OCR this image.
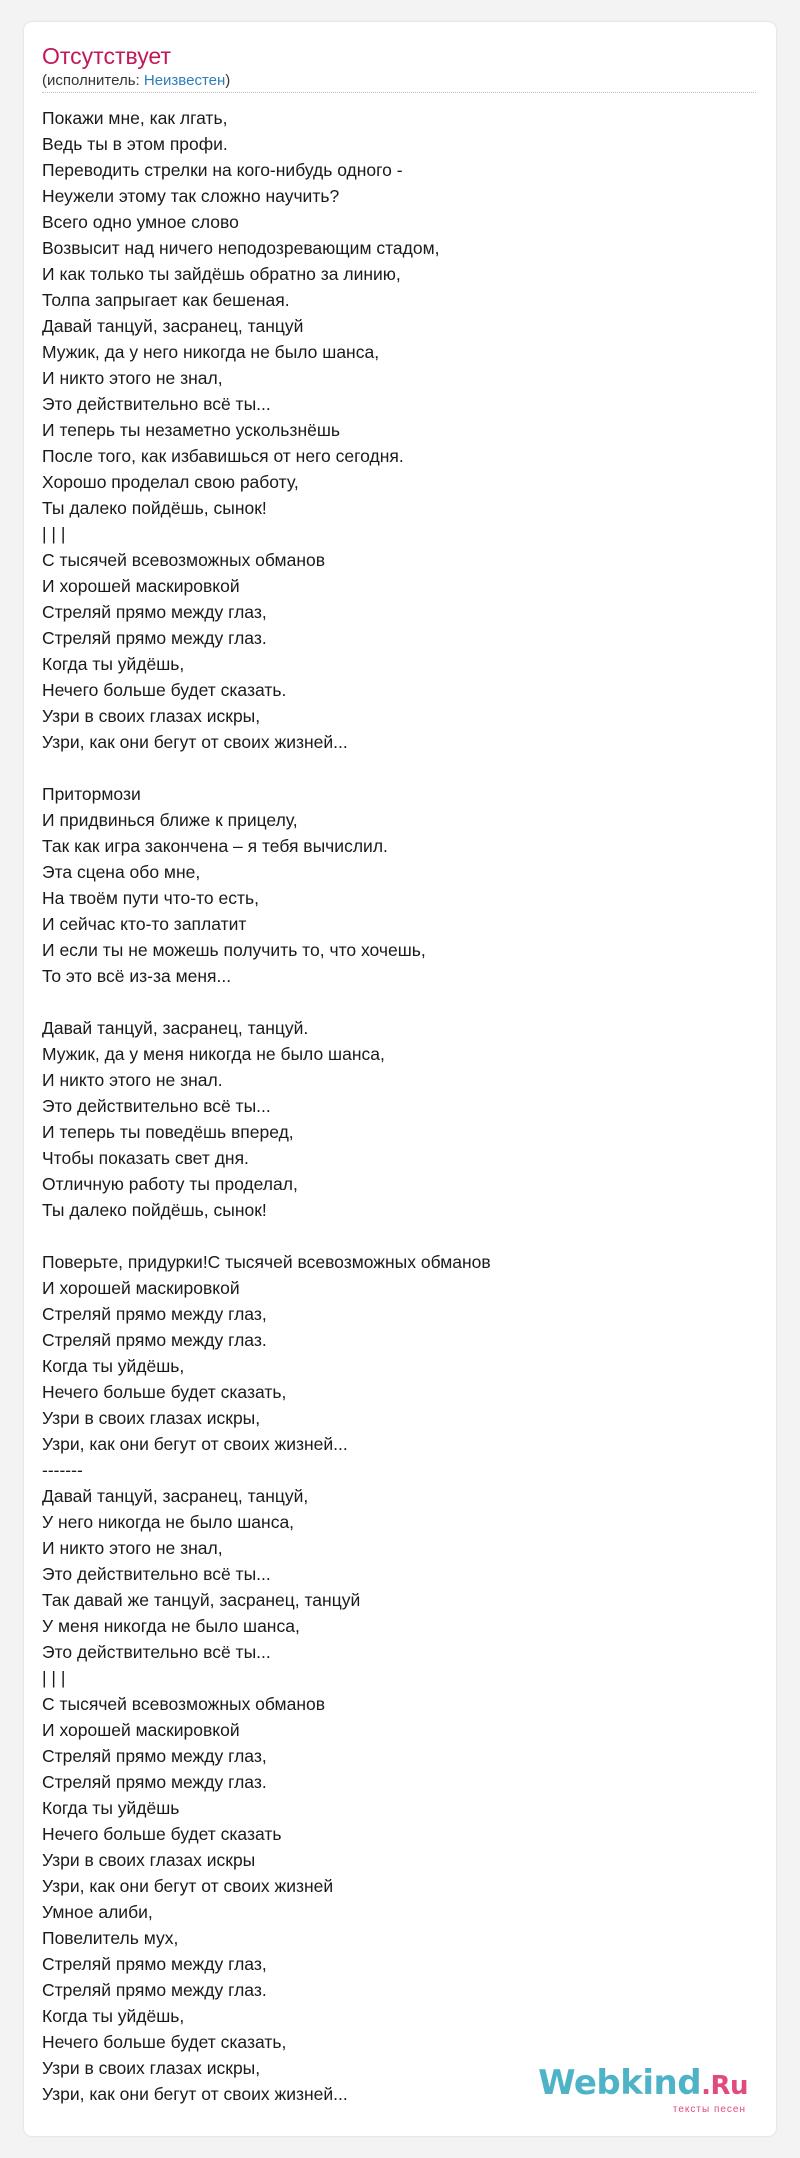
Отсутствует
(исполнитель: Неизвестен)
Покажи мне, как лгать,
Ведь ты в этом профи.
Переводить стрелки на кого-нибудь одного -
Неужели этому так сложно научить?
Всего одно умное слово
Возвысит над ничего неподозревающим стадом,
И как только ты зайдёшь обратно за линию,
Толпа запрыгает как бешеная.
Давай танцуй, засранец, танцуй
Мужик, да у него никогда не было шанса,
И никто этого не знал,
Это действительно всё ты...
И теперь ты незаметно ускользнёшь
После того, как избавишься от него сегодня.
Хорошо проделал свою работу,
Ты далеко пойдёшь, сынок!
| | |
С тысячей всевозможных обманов
И хорошей маскировкой
Стреляй прямо между глаз,
Стреляй прямо между глаз.
Когда ты уйдёшь,
Нечего больше будет сказать.
Узри в своих глазах искры,
Узри, как они бегут от своих жизней...
Притормози
И придвинься ближе к прицелу,
Так как игра закончена – я тебя вычислил.
Эта сцена обо мне,
На твоём пути что-то есть,
И сейчас кто-то заплатит
И если ты не можешь получить то, что хочешь,
То это всё из-за меня...
Давай танцуй, засранец, танцуй.
Мужик, да у меня никогда не было шанса,
И никто этого не знал.
Это действительно всё ты...
И теперь ты поведёшь вперед,
Чтобы показать свет дня.
Отличную работу ты проделал,
Ты далеко пойдёшь, сынок!
Поверьте, придурки!С тысячей всевозможных обманов
И хорошей маскировкой
Стреляй прямо между глаз,
Стреляй прямо между глаз.
Когда ты уйдёшь,
Нечего больше будет сказать,
Узри в своих глазах искры,
Узри, как они бегут от своих жизней...
-------
Давай танцуй, засранец, танцуй,
У него никогда не было шанса,
И никто этого не знал,
Это действительно всё ты...
Так давай же танцуй, засранец, танцуй
У меня никогда не было шанса,
Это действительно всё ты...
| | |
С тысячей всевозможных обманов
И хорошей маскировкой
Стреляй прямо между глаз,
Стреляй прямо между глаз.
Когда ты уйдёшь
Нечего больше будет сказать
Узри в своих глазах искры
Узри, как они бегут от своих жизней
Умное алиби,
Повелитель мух,
Стреляй прямо между глаз,
Стреляй прямо между глаз.
Когда ты уйдёшь,
Нечего больше будет сказать,
Узри в своих глазах искры,
Узри, как они бегут от своих жизней...	Webkind.Ru
тексты песен
